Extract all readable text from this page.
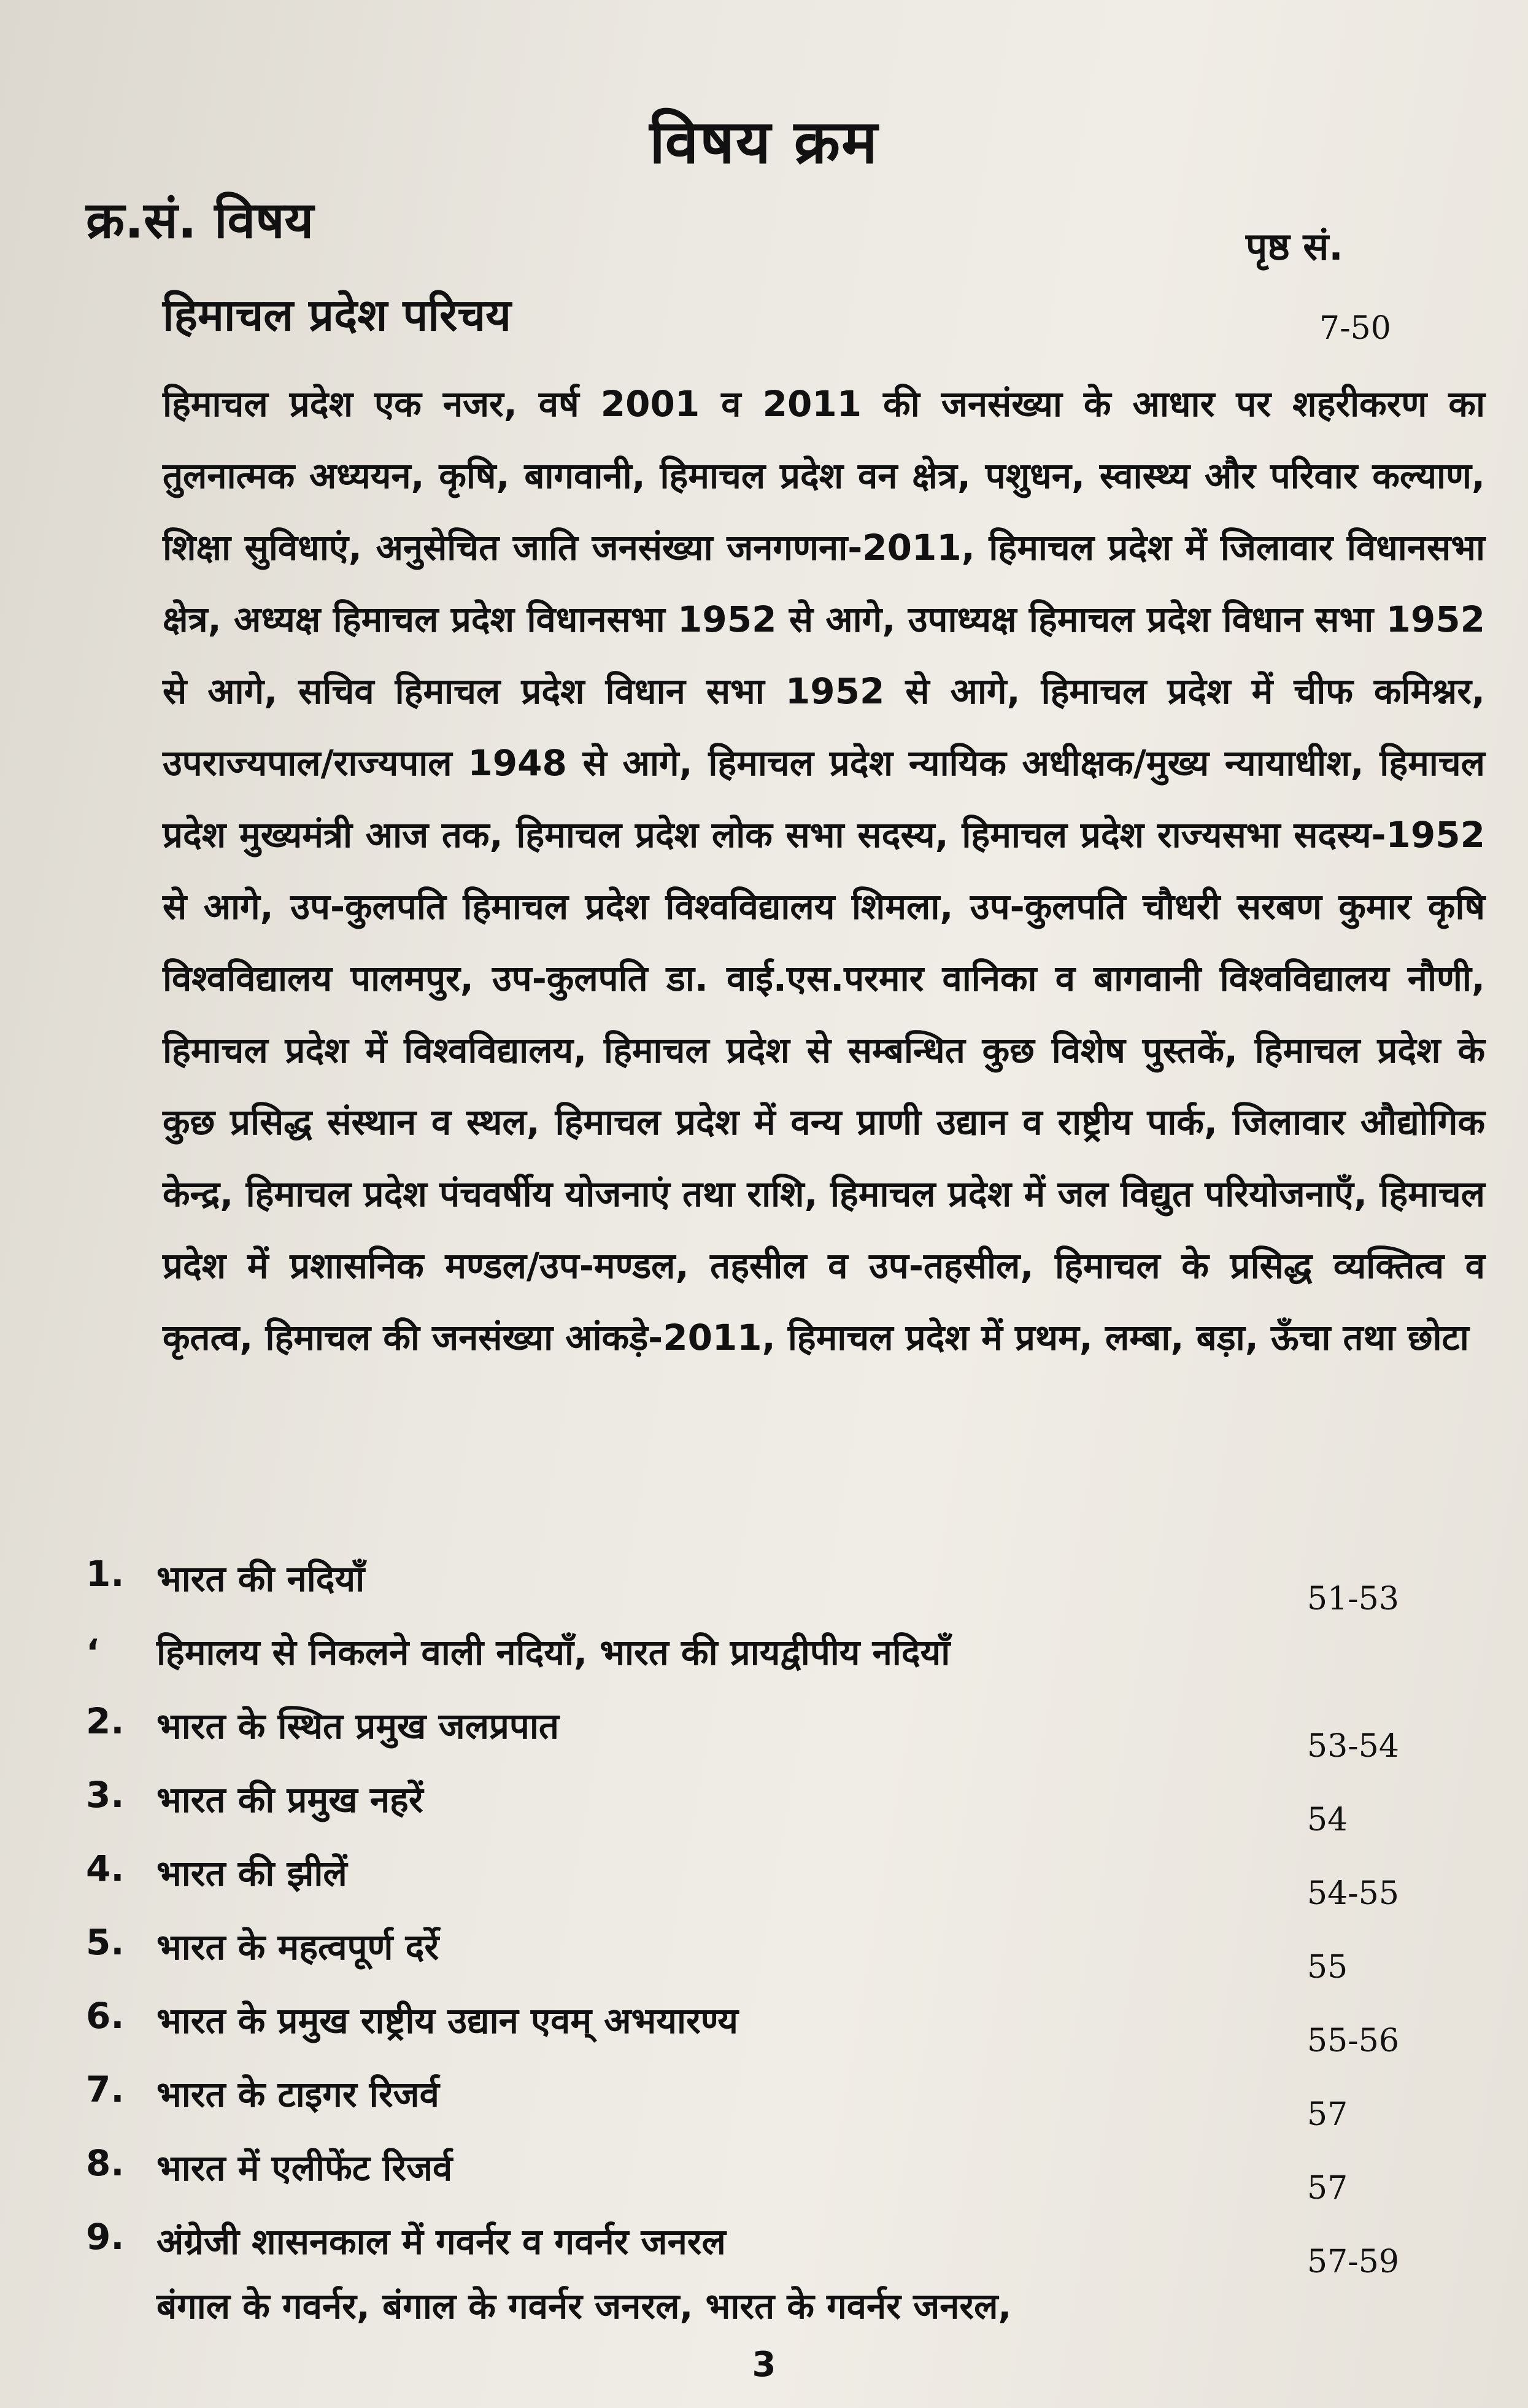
विषय क्रम
क्र.सं. विषय	पृष्ठ सं.
हिमाचल प्रदेश परिचय	7-50
हिमाचल प्रदेश एक नजर, वर्ष 2001 व 2011 की जनसंख्या के आधार पर शहरीकरण का तुलनात्मक अध्ययन, कृषि, बागवानी, हिमाचल प्रदेश वन क्षेत्र, पशुधन, स्वास्थ्य और परिवार कल्याण, शिक्षा सुविधाएं, अनुसेचित जाति जनसंख्या जनगणना-2011, हिमाचल प्रदेश में जिलावार विधानसभा क्षेत्र, अध्यक्ष हिमाचल प्रदेश विधानसभा 1952 से आगे, उपाध्यक्ष हिमाचल प्रदेश विधान सभा 1952 से आगे, सचिव हिमाचल प्रदेश विधान सभा 1952 से आगे, हिमाचल प्रदेश में चीफ कमिश्नर, उपराज्यपाल/राज्यपाल 1948 से आगे, हिमाचल प्रदेश न्यायिक अधीक्षक/मुख्य न्यायाधीश, हिमाचल प्रदेश मुख्यमंत्री आज तक, हिमाचल प्रदेश लोक सभा सदस्य, हिमाचल प्रदेश राज्यसभा सदस्य-1952 से आगे, उप-कुलपति हिमाचल प्रदेश विश्वविद्यालय शिमला, उप-कुलपति चौधरी सरबण कुमार कृषि विश्वविद्यालय पालमपुर, उप-कुलपति डा. वाई.एस.परमार वानिका व बागवानी विश्वविद्यालय नौणी, हिमाचल प्रदेश में विश्वविद्यालय, हिमाचल प्रदेश से सम्बन्धित कुछ विशेष पुस्तकें, हिमाचल प्रदेश के कुछ प्रसिद्ध संस्थान व स्थल, हिमाचल प्रदेश में वन्य प्राणी उद्यान व राष्ट्रीय पार्क, जिलावार औद्योगिक केन्द्र, हिमाचल प्रदेश पंचवर्षीय योजनाएं तथा राशि, हिमाचल प्रदेश में जल विद्युत परियोजनाएँ, हिमाचल प्रदेश में प्रशासनिक मण्डल/उप-मण्डल, तहसील व उप-तहसील, हिमाचल के प्रसिद्ध व्यक्तित्व व कृतत्व, हिमाचल की जनसंख्या आंकड़े-2011, हिमाचल प्रदेश में प्रथम, लम्बा, बड़ा, ऊँचा तथा छोटा
1. भारत की नदियाँ	51-53
‘ हिमालय से निकलने वाली नदियाँ, भारत की प्रायद्वीपीय नदियाँ
2. भारत के स्थित प्रमुख जलप्रपात	53-54
3. भारत की प्रमुख नहरें	54
4. भारत की झीलें	54-55
5. भारत के महत्वपूर्ण दर्रे	55
6. भारत के प्रमुख राष्ट्रीय उद्यान एवम् अभयारण्य	55-56
7. भारत के टाइगर रिजर्व	57
8. भारत में एलीफेंट रिजर्व	57
9. अंग्रेजी शासनकाल में गवर्नर व गवर्नर जनरल	57-59
बंगाल के गवर्नर, बंगाल के गवर्नर जनरल, भारत के गवर्नर जनरल,
3
